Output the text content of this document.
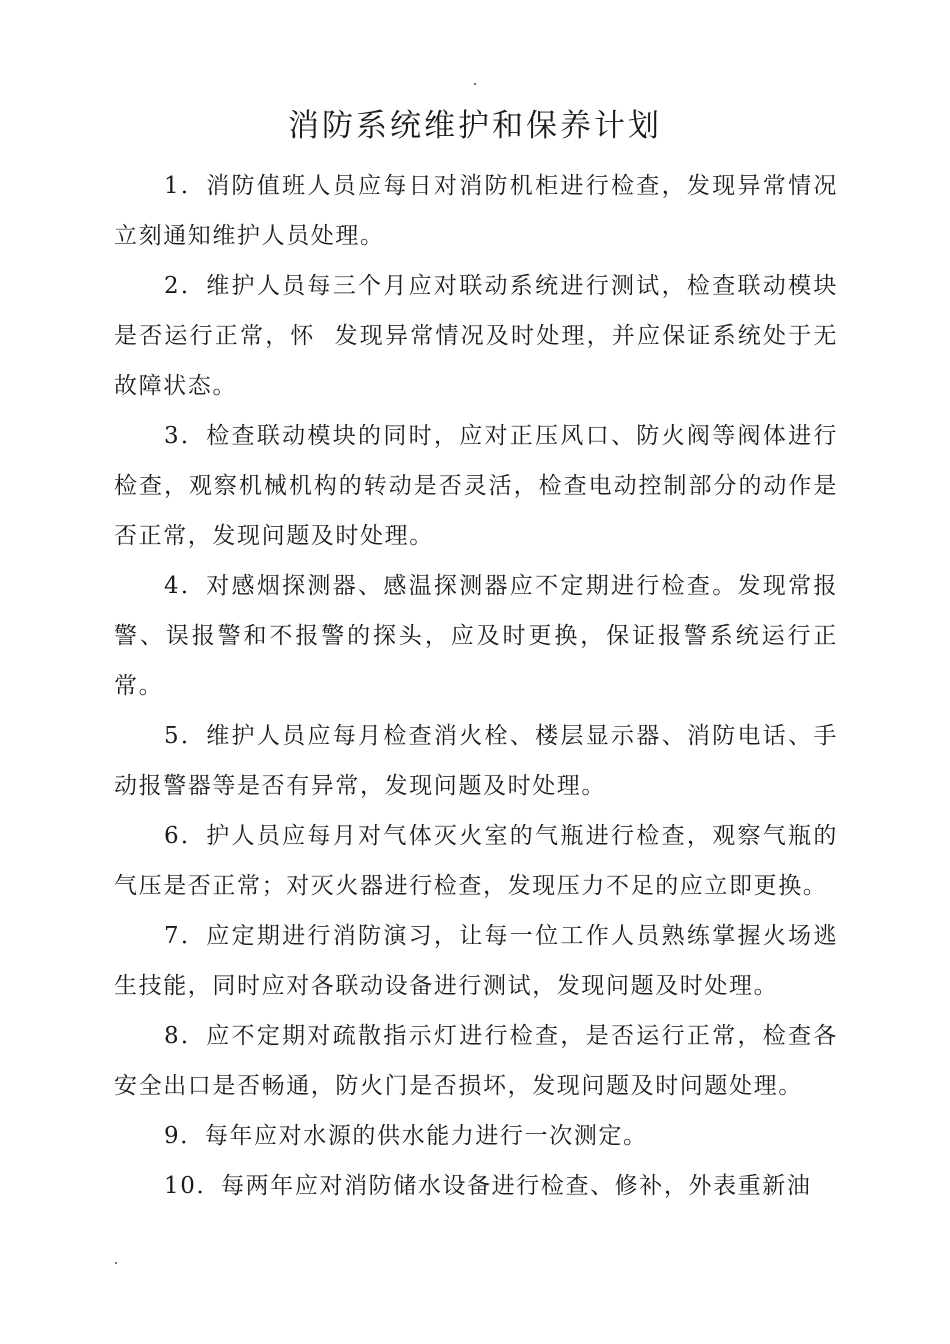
消防系统维护和保养计划

1．消防值班人员应每日对消防机柜进行检查，发现异常情况立刻通知维护人员处理。

2．维护人员每三个月应对联动系统进行测试，检查联动模块是否运行正常，怀  发现异常情况及时处理，并应保证系统处于无故障状态。

3．检查联动模块的同时，应对正压风口、防火阀等阀体进行检查，观察机械机构的转动是否灵活，检查电动控制部分的动作是否正常，发现问题及时处理。

4．对感烟探测器、感温探测器应不定期进行检查。发现常报警、误报警和不报警的探头，应及时更换，保证报警系统运行正常。

5．维护人员应每月检查消火栓、楼层显示器、消防电话、手动报警器等是否有异常，发现问题及时处理。

6．护人员应每月对气体灭火室的气瓶进行检查，观察气瓶的气压是否正常；对灭火器进行检查，发现压力不足的应立即更换。

7．应定期进行消防演习，让每一位工作人员熟练掌握火场逃生技能，同时应对各联动设备进行测试，发现问题及时处理。

8．应不定期对疏散指示灯进行检查，是否运行正常，检查各安全出口是否畅通，防火门是否损坏，发现问题及时问题处理。

9．每年应对水源的供水能力进行一次测定。

10．每两年应对消防储水设备进行检查、修补，外表重新油
